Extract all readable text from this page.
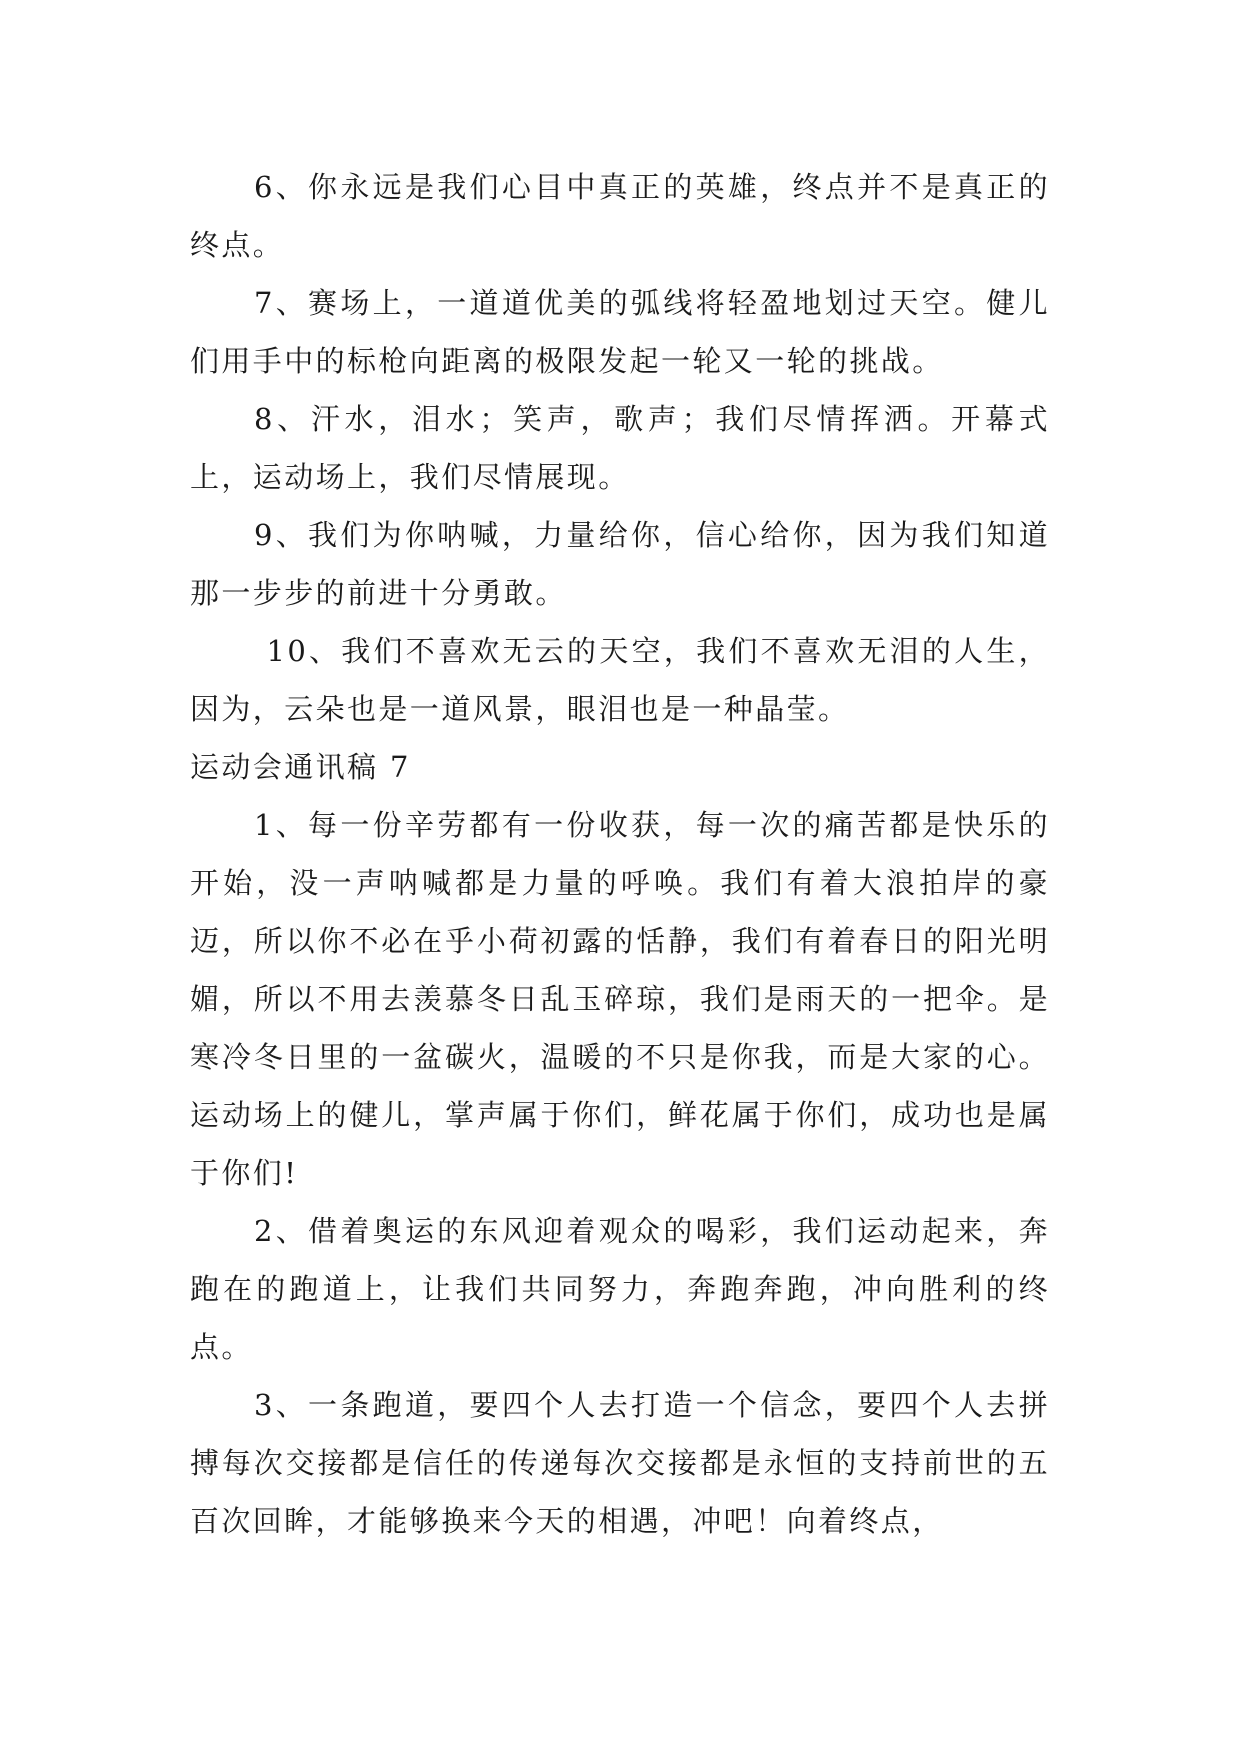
6、你永远是我们心目中真正的英雄，终点并不是真正的终点。

7、赛场上，一道道优美的弧线将轻盈地划过天空。健儿们用手中的标枪向距离的极限发起一轮又一轮的挑战。

8、汗水，泪水；笑声，歌声；我们尽情挥洒。开幕式上，运动场上，我们尽情展现。

9、我们为你呐喊，力量给你，信心给你，因为我们知道那一步步的前进十分勇敢。

10、我们不喜欢无云的天空，我们不喜欢无泪的人生，因为，云朵也是一道风景，眼泪也是一种晶莹。

运动会通讯稿 7

1、每一份辛劳都有一份收获，每一次的痛苦都是快乐的开始，没一声呐喊都是力量的呼唤。我们有着大浪拍岸的豪迈，所以你不必在乎小荷初露的恬静，我们有着春日的阳光明媚，所以不用去羡慕冬日乱玉碎琼，我们是雨天的一把伞。是寒冷冬日里的一盆碳火，温暖的不只是你我，而是大家的心。运动场上的健儿，掌声属于你们，鲜花属于你们，成功也是属于你们!

2、借着奥运的东风迎着观众的喝彩，我们运动起来，奔跑在的跑道上，让我们共同努力，奔跑奔跑，冲向胜利的终点。

3、一条跑道，要四个人去打造一个信念，要四个人去拼搏每次交接都是信任的传递每次交接都是永恒的支持前世的五百次回眸，才能够换来今天的相遇，冲吧！向着终点，
